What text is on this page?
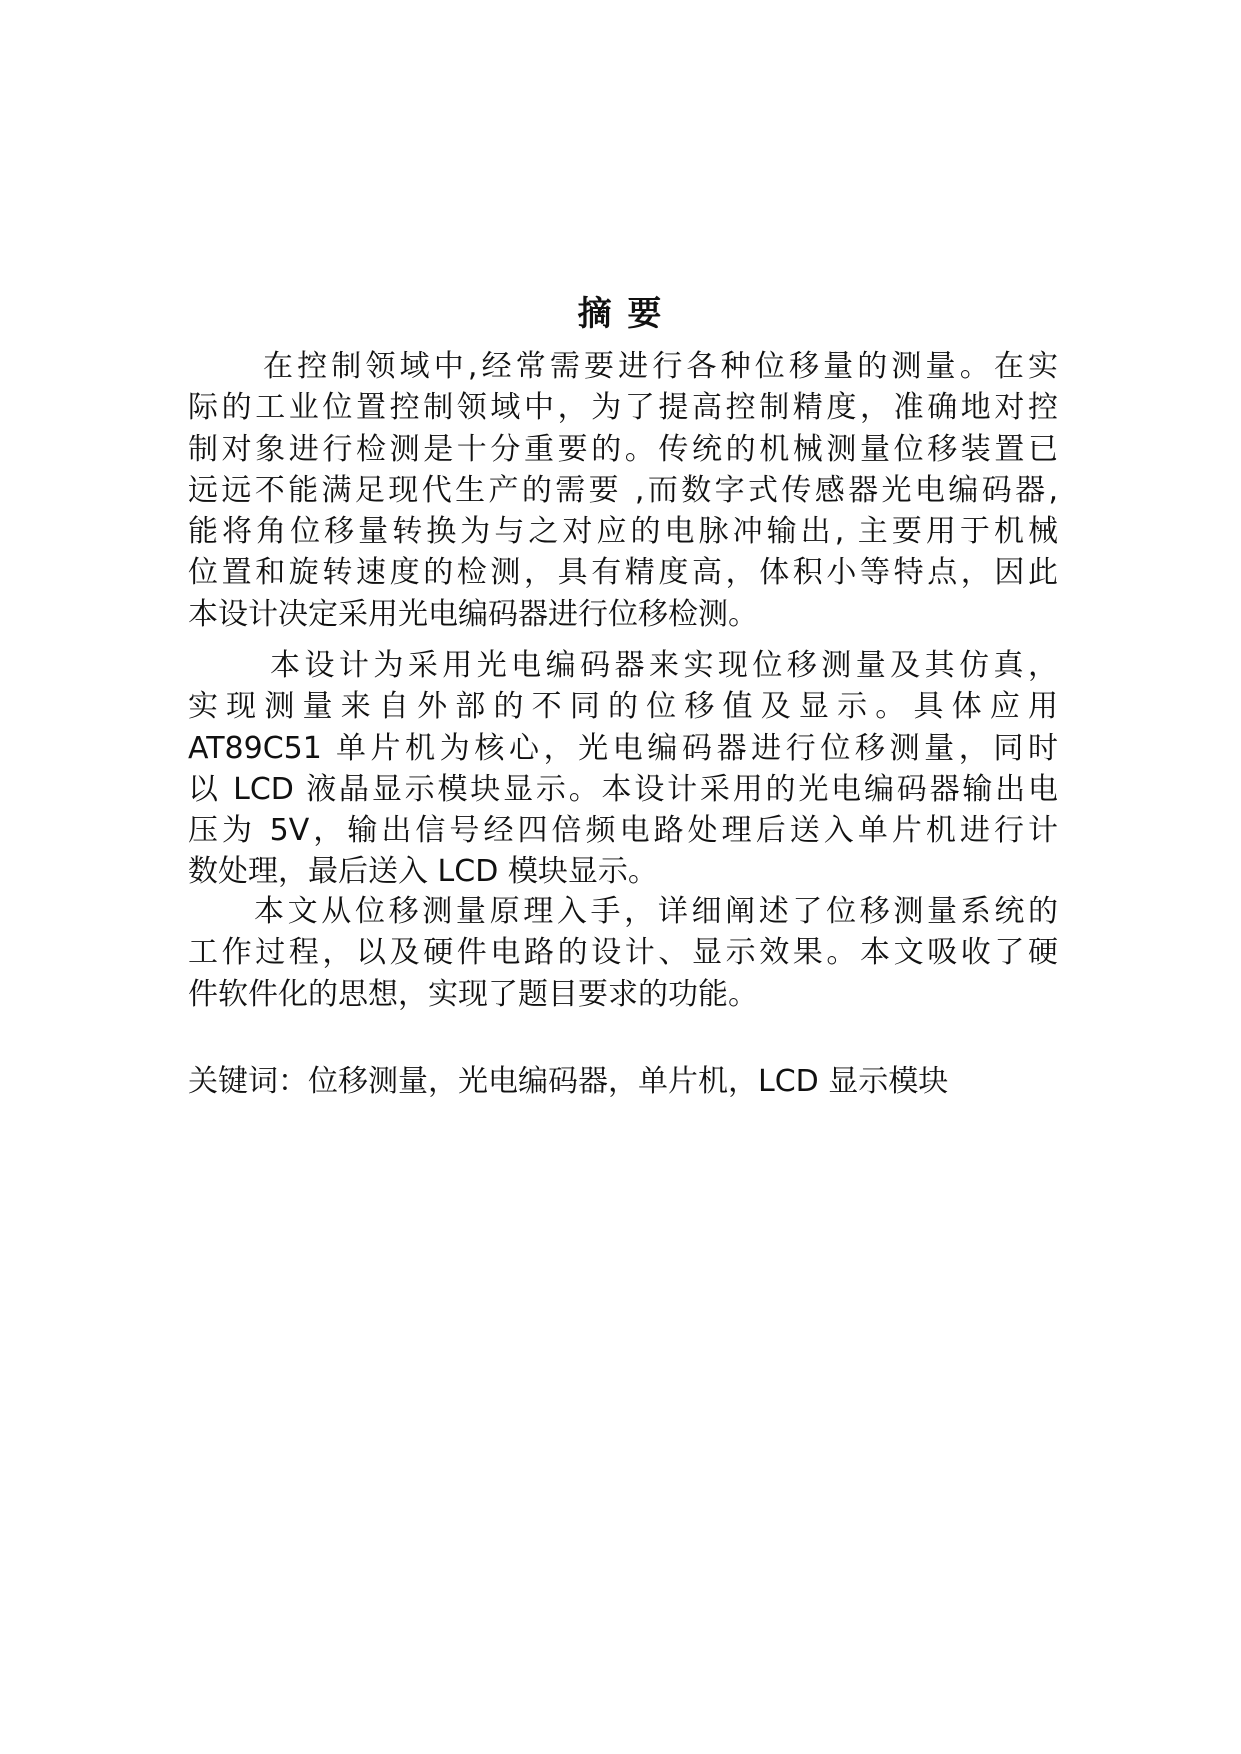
摘 要
在控制领域中,经常需要进行各种位移量的测量。在实
际的工业位置控制领域中，为了提高控制精度，准确地对控
制对象进行检测是十分重要的。传统的机械测量位移装置已
远远不能满足现代生产的需要 ,而数字式传感器光电编码器,
能将角位移量转换为与之对应的电脉冲输出, 主要用于机械
位置和旋转速度的检测，具有精度高，体积小等特点，因此
本设计决定采用光电编码器进行位移检测。
本设计为采用光电编码器来实现位移测量及其仿真，
实现测量来自外部的不同的位移值及显示。具体应用
AT89C51 单片机为核心，光电编码器进行位移测量，同时
以 LCD 液晶显示模块显示。本设计采用的光电编码器输出电
压为 5V，输出信号经四倍频电路处理后送入单片机进行计
数处理，最后送入 LCD 模块显示。
本文从位移测量原理入手，详细阐述了位移测量系统的
工作过程，以及硬件电路的设计、显示效果。本文吸收了硬
件软件化的思想，实现了题目要求的功能。

关键词：位移测量，光电编码器，单片机，LCD 显示模块
